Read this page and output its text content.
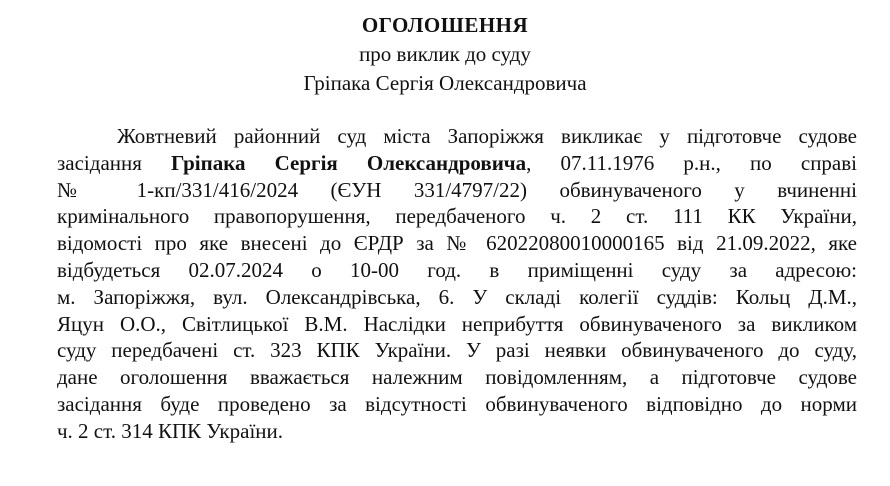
ОГОЛОШЕННЯ
про виклик до суду
Гріпака Сергія Олександровича
Жовтневий районний суд міста Запоріжжя викликає у підготовче судове
засідання Гріпака Сергія Олександровича, 07.11.1976 р.н., по справі
№ 1-кп/331/416/2024 (ЄУН 331/4797/22) обвинуваченого у вчиненні
кримінального правопорушення, передбаченого ч. 2 ст. 111 КК України,
відомості про яке внесені до ЄРДР за № 62022080010000165 від 21.09.2022, яке
відбудеться 02.07.2024 о 10-00 год. в приміщенні суду за адресою:
м. Запоріжжя, вул. Олександрівська, 6. У складі колегії суддів: Кольц Д.М.,
Яцун О.О., Світлицької В.М. Наслідки неприбуття обвинуваченого за викликом
суду передбачені ст. 323 КПК України. У разі неявки обвинуваченого до суду,
дане оголошення вважається належним повідомленням, а підготовче судове
засідання буде проведено за відсутності обвинуваченого відповідно до норми
ч. 2 ст. 314 КПК України.
